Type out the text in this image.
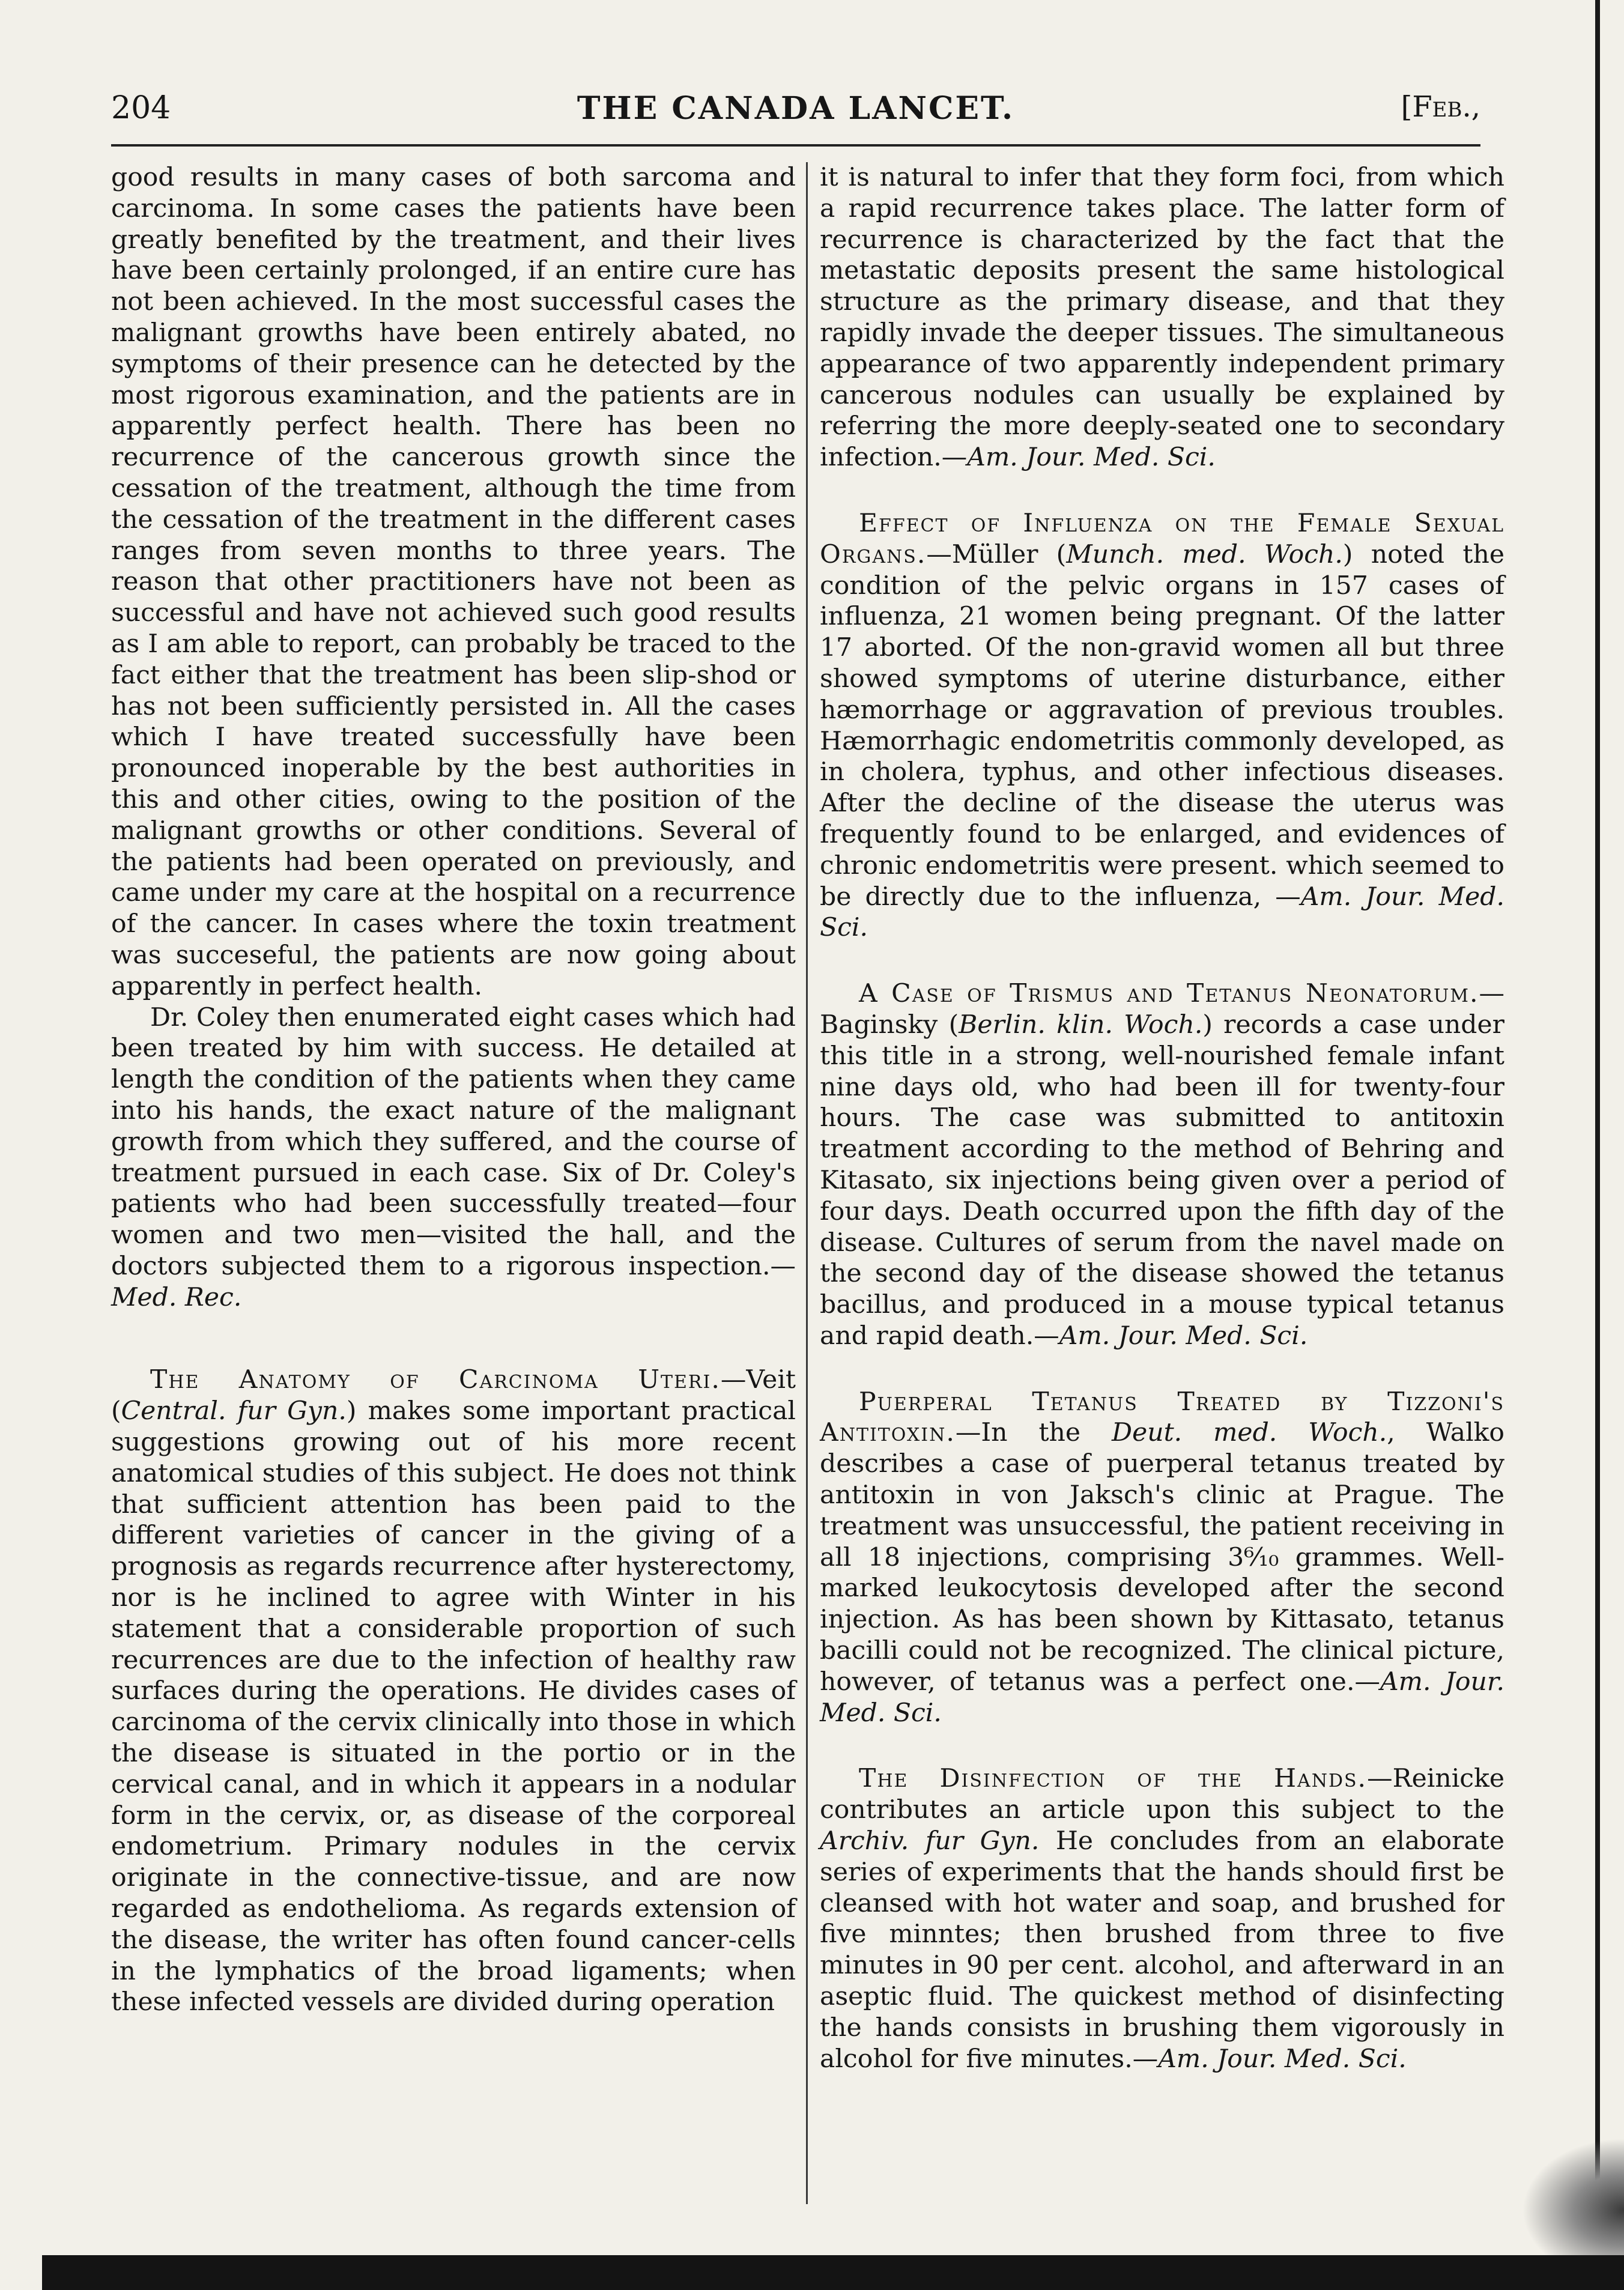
204	THE CANADA LANCET.	[Feb.,

good results in many cases of both sarcoma and carcinoma. In some cases the patients have been greatly benefited by the treatment, and their lives have been certainly prolonged, if an entire cure has not been achieved. In the most successful cases the malignant growths have been entirely abated, no symptoms of their presence can he detected by the most rigorous examination, and the patients are in apparently perfect health. There has been no recurrence of the cancerous growth since the cessation of the treatment, although the time from the cessation of the treatment in the different cases ranges from seven months to three years. The reason that other practitioners have not been as successful and have not achieved such good results as I am able to report, can probably be traced to the fact either that the treatment has been slip-shod or has not been sufficiently persisted in. All the cases which I have treated successfully have been pronounced inoperable by the best authorities in this and other cities, owing to the position of the malignant growths or other conditions. Several of the patients had been operated on previously, and came under my care at the hospital on a recurrence of the cancer. In cases where the toxin treatment was succeseful, the patients are now going about apparently in perfect health.

Dr. Coley then enumerated eight cases which had been treated by him with success. He detailed at length the condition of the patients when they came into his hands, the exact nature of the malignant growth from which they suffered, and the course of treatment pursued in each case. Six of Dr. Coley's patients who had been successfully treated—four women and two men—visited the hall, and the doctors subjected them to a rigorous inspection.—Med. Rec.

The Anatomy of Carcinoma Uteri.—Veit (Central. fur Gyn.) makes some important practical suggestions growing out of his more recent anatomical studies of this subject. He does not think that sufficient attention has been paid to the different varieties of cancer in the giving of a prognosis as regards recurrence after hysterectomy, nor is he inclined to agree with Winter in his statement that a considerable proportion of such recurrences are due to the infection of healthy raw surfaces during the operations. He divides cases of carcinoma of the cervix clinically into those in which the disease is situated in the portio or in the cervical canal, and in which it appears in a nodular form in the cervix, or, as disease of the corporeal endometrium. Primary nodules in the cervix originate in the connective-tissue, and are now regarded as endothelioma. As regards extension of the disease, the writer has often found cancer-cells in the lymphatics of the broad ligaments; when these infected vessels are divided during operation

it is natural to infer that they form foci, from which a rapid recurrence takes place. The latter form of recurrence is characterized by the fact that the metastatic deposits present the same histological structure as the primary disease, and that they rapidly invade the deeper tissues. The simultaneous appearance of two apparently independent primary cancerous nodules can usually be explained by referring the more deeply-seated one to secondary infection.—Am. Jour. Med. Sci.

Effect of Influenza on the Female Sexual Organs.—Müller (Munch. med. Woch.) noted the condition of the pelvic organs in 157 cases of influenza, 21 women being pregnant. Of the latter 17 aborted. Of the non-gravid women all but three showed symptoms of uterine disturbance, either hæmorrhage or aggravation of previous troubles. Hæmorrhagic endometritis commonly developed, as in cholera, typhus, and other infectious diseases. After the decline of the disease the uterus was frequently found to be enlarged, and evidences of chronic endometritis were present. which seemed to be directly due to the influenza, —Am. Jour. Med. Sci.

A Case of Trismus and Tetanus Neonatorum.—Baginsky (Berlin. klin. Woch.) records a case under this title in a strong, well-nourished female infant nine days old, who had been ill for twenty-four hours. The case was submitted to antitoxin treatment according to the method of Behring and Kitasato, six injections being given over a period of four days. Death occurred upon the fifth day of the disease. Cultures of serum from the navel made on the second day of the disease showed the tetanus bacillus, and produced in a mouse typical tetanus and rapid death.—Am. Jour. Med. Sci.

Puerperal Tetanus Treated by Tizzoni's Antitoxin.—In the Deut. med. Woch., Walko describes a case of puerperal tetanus treated by antitoxin in von Jaksch's clinic at Prague. The treatment was unsuccessful, the patient receiving in all 18 injections, comprising 3⁶⁄₁₀ grammes. Well-marked leukocytosis developed after the second injection. As has been shown by Kittasato, tetanus bacilli could not be recognized. The clinical picture, however, of tetanus was a perfect one.—Am. Jour. Med. Sci.

The Disinfection of the Hands.—Reinicke contributes an article upon this subject to the Archiv. fur Gyn. He concludes from an elaborate series of experiments that the hands should first be cleansed with hot water and soap, and brushed for five minntes; then brushed from three to five minutes in 90 per cent. alcohol, and afterward in an aseptic fluid. The quickest method of disinfecting the hands consists in brushing them vigorously in alcohol for five minutes.—Am. Jour. Med. Sci.
